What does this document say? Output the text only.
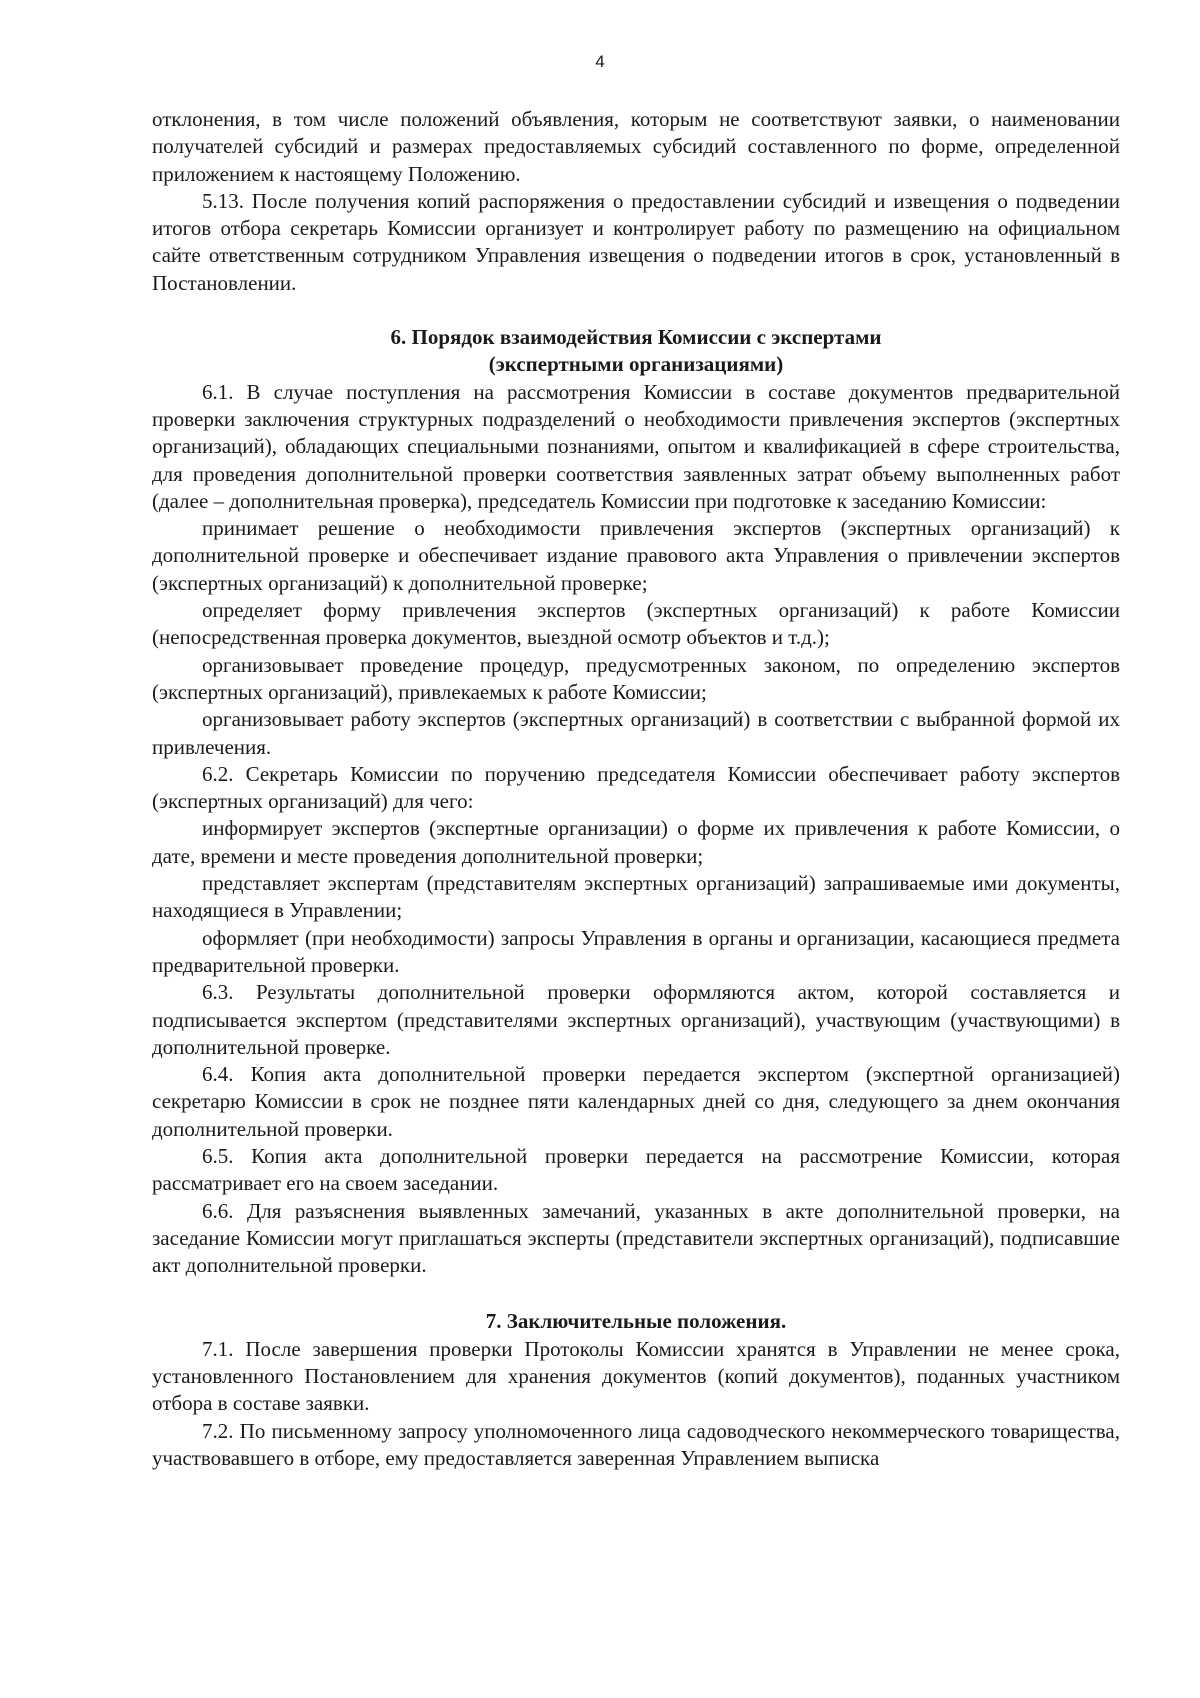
4

отклонения, в том числе положений объявления, которым не соответствуют заявки, о наименовании получателей субсидий и размерах предоставляемых субсидий составленного по форме, определенной приложением к настоящему Положению.

5.13. После получения копий распоряжения о предоставлении субсидий и извещения о подведении итогов отбора секретарь Комиссии организует и контролирует работу по размещению на официальном сайте ответственным сотрудником Управления извещения о подведении итогов в срок, установленный в Постановлении.

6. Порядок взаимодействия Комиссии с экспертами
(экспертными организациями)

6.1. В случае поступления на рассмотрения Комиссии в составе документов предварительной проверки заключения структурных подразделений о необходимости привлечения экспертов (экспертных организаций), обладающих специальными познаниями, опытом и квалификацией в сфере строительства, для проведения дополнительной проверки соответствия заявленных затрат объему выполненных работ (далее – дополнительная проверка), председатель Комиссии при подготовке к заседанию Комиссии:

принимает решение о необходимости привлечения экспертов (экспертных организаций) к дополнительной проверке и обеспечивает издание правового акта Управления о привлечении экспертов (экспертных организаций) к дополнительной проверке;

определяет форму привлечения экспертов (экспертных организаций) к работе Комиссии (непосредственная проверка документов, выездной осмотр объектов и т.д.);

организовывает проведение процедур, предусмотренных законом, по определению экспертов (экспертных организаций), привлекаемых к работе Комиссии;

организовывает работу экспертов (экспертных организаций) в соответствии с выбранной формой их привлечения.

6.2. Секретарь Комиссии по поручению председателя Комиссии обеспечивает работу экспертов (экспертных организаций) для чего:

информирует экспертов (экспертные организации) о форме их привлечения к работе Комиссии, о дате, времени и месте проведения дополнительной проверки;

представляет экспертам (представителям экспертных организаций) запрашиваемые ими документы, находящиеся в Управлении;

оформляет (при необходимости) запросы Управления в органы и организации, касающиеся предмета предварительной проверки.

6.3. Результаты дополнительной проверки оформляются актом, которой составляется и подписывается экспертом (представителями экспертных организаций), участвующим (участвующими) в дополнительной проверке.

6.4. Копия акта дополнительной проверки передается экспертом (экспертной организацией) секретарю Комиссии в срок не позднее пяти календарных дней со дня, следующего за днем окончания дополнительной проверки.

6.5. Копия акта дополнительной проверки передается на рассмотрение Комиссии, которая рассматривает его на своем заседании.

6.6. Для разъяснения выявленных замечаний, указанных в акте дополнительной проверки, на заседание Комиссии могут приглашаться эксперты (представители экспертных организаций), подписавшие акт дополнительной проверки.

7. Заключительные положения.

7.1. После завершения проверки Протоколы Комиссии хранятся в Управлении не менее срока, установленного Постановлением для хранения документов (копий документов), поданных участником отбора в составе заявки.

7.2. По письменному запросу уполномоченного лица садоводческого некоммерческого товарищества, участвовавшего в отборе, ему предоставляется заверенная Управлением выписка
